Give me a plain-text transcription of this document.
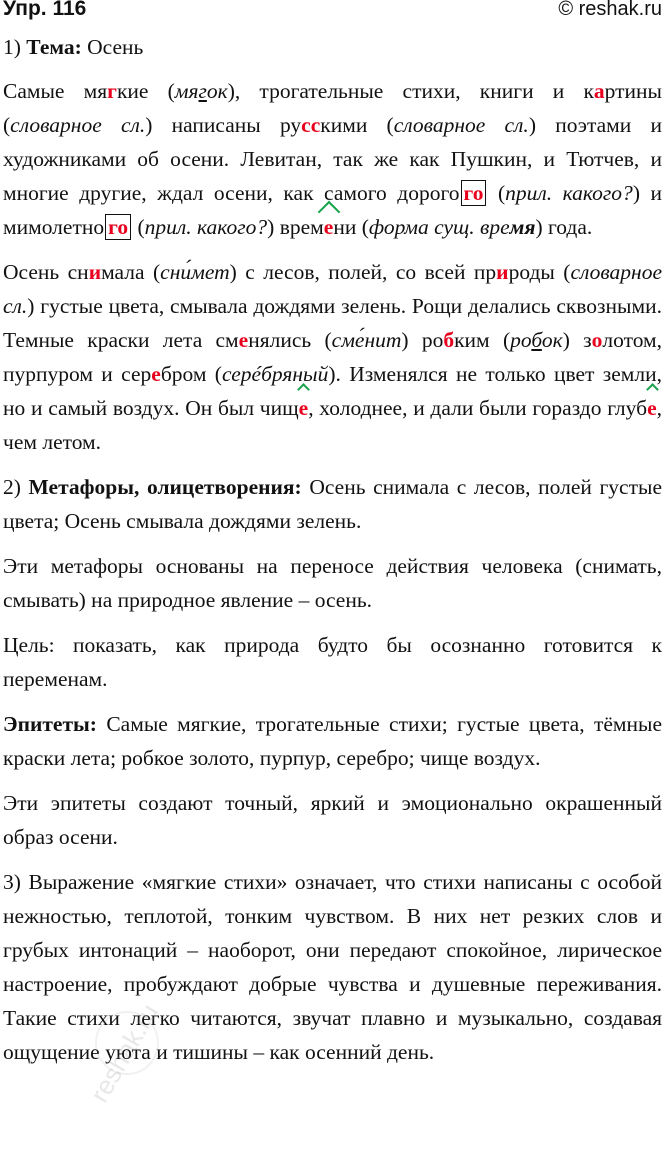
Упр. 116	© reshak.ru

1) Тема: Осень

Самые мягкие (мягок), трогательные стихи, книги и картины (словарное сл.) написаны русскими (словарное сл.) поэтами и художниками об осени. Левитан, так же как Пушкин, и Тютчев, и многие другие, ждал осени, как самого дорого го (прил. какого?) и мимолетно го (прил. какого?) времени (форма сущ. время) года.

Осень снимала (сни́мет) с лесов, полей, со всей природы (словарное сл.) густые цвета, смывала дождями зелень. Рощи делались сквозными. Темные краски лета сменялись (сме́нит) робким (робок) золотом, пурпуром и серебром (серéбряный). Изменялся не только цвет земли, но и самый воздух. Он был чище, холоднее, и дали были гораздо глубе, чем летом.

2) Метафоры, олицетворения: Осень снимала с лесов, полей густые цвета; Осень смывала дождями зелень.

Эти метафоры основаны на переносе действия человека (снимать, смывать) на природное явление – осень.

Цель: показать, как природа будто бы осознанно готовится к переменам.

Эпитеты: Самые мягкие, трогательные стихи; густые цвета, тёмные краски лета; робкое золото, пурпур, серебро; чище воздух.

Эти эпитеты создают точный, яркий и эмоционально окрашенный образ осени.

3) Выражение «мягкие стихи» означает, что стихи написаны с особой нежностью, теплотой, тонким чувством. В них нет резких слов и грубых интонаций – наоборот, они передают спокойное, лирическое настроение, пробуждают добрые чувства и душевные переживания. Такие стихи легко читаются, звучат плавно и музыкально, создавая ощущение уюта и тишины – как осенний день.

reshak.ru
